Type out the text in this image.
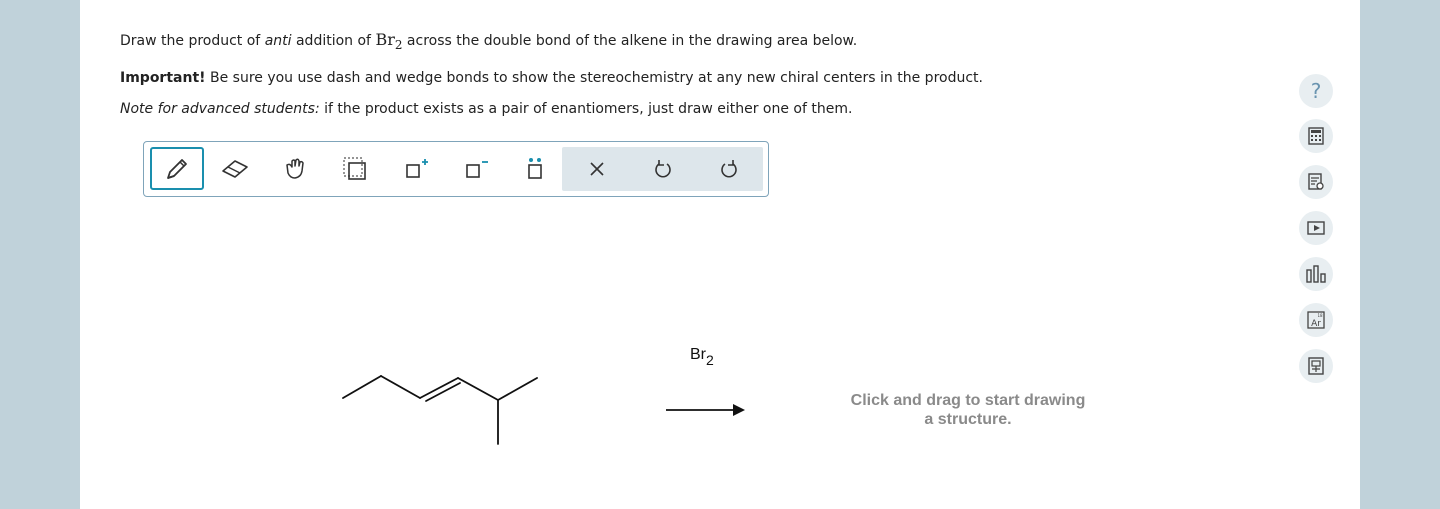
Draw the product of anti addition of $Br_2$ across the double bond of the alkene in the drawing area below.
Important! Be sure you use dash and wedge bonds to show the stereochemistry at any new chiral centers in the product.
Note for advanced students: if the product exists as a pair of enantiomers, just draw either one of them.
$Br_2$
Click and drag to start drawing a structure.
?
Ar
18
